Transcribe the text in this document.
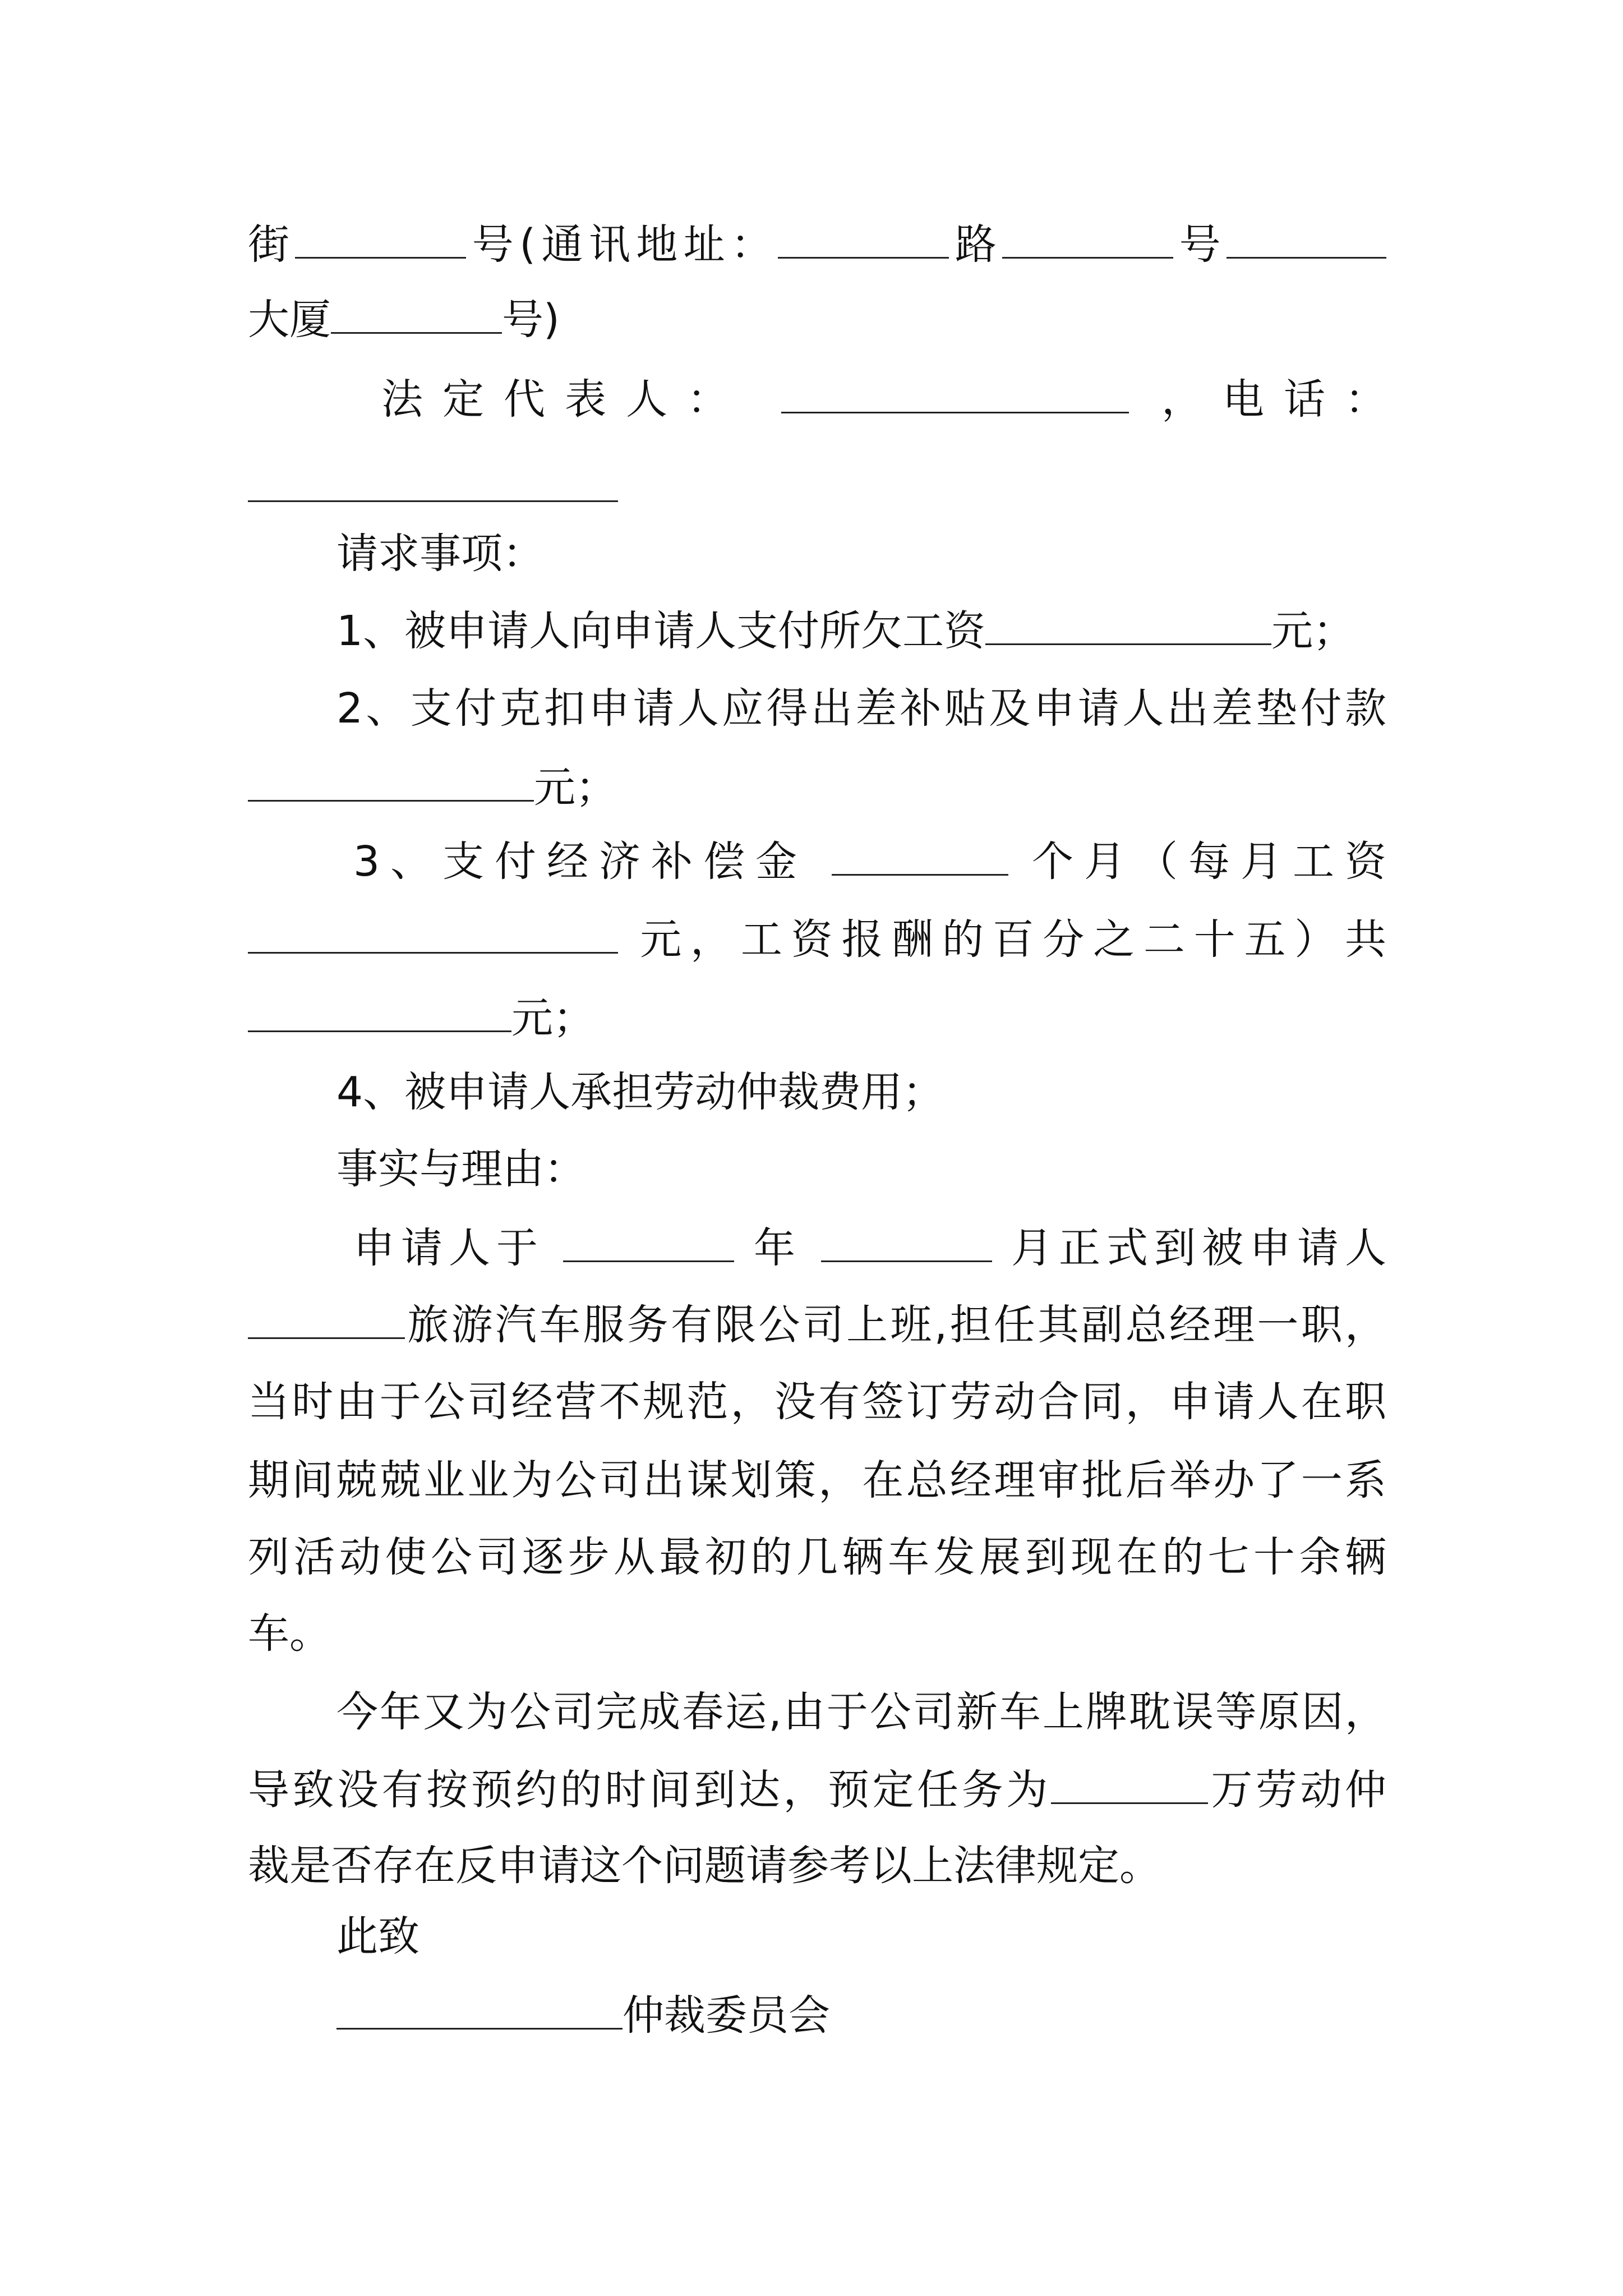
街	号(通讯地址：	路	号
大厦	号)
法定代表人：	，电话：
请求事项：
1、被申请人向申请人支付所欠工资	元；
2、支付克扣申请人应得出差补贴及申请人出差垫付款
元；
3、支付经济补偿金	个月（每月工资
元，工资报酬的百分之二十五）共
元；
4、被申请人承担劳动仲裁费用；
事实与理由：
申请人于	年	月正式到被申请人
旅游汽车服务有限公司上班,担任其副总经理一职，
当时由于公司经营不规范，没有签订劳动合同，申请人在职
期间兢兢业业为公司出谋划策，在总经理审批后举办了一系
列活动使公司逐步从最初的几辆车发展到现在的七十余辆
车。
今年又为公司完成春运,由于公司新车上牌耽误等原因，
导致没有按预约的时间到达，预定任务为	万劳动仲
裁是否存在反申请这个问题请参考以上法律规定。
此致
仲裁委员会
